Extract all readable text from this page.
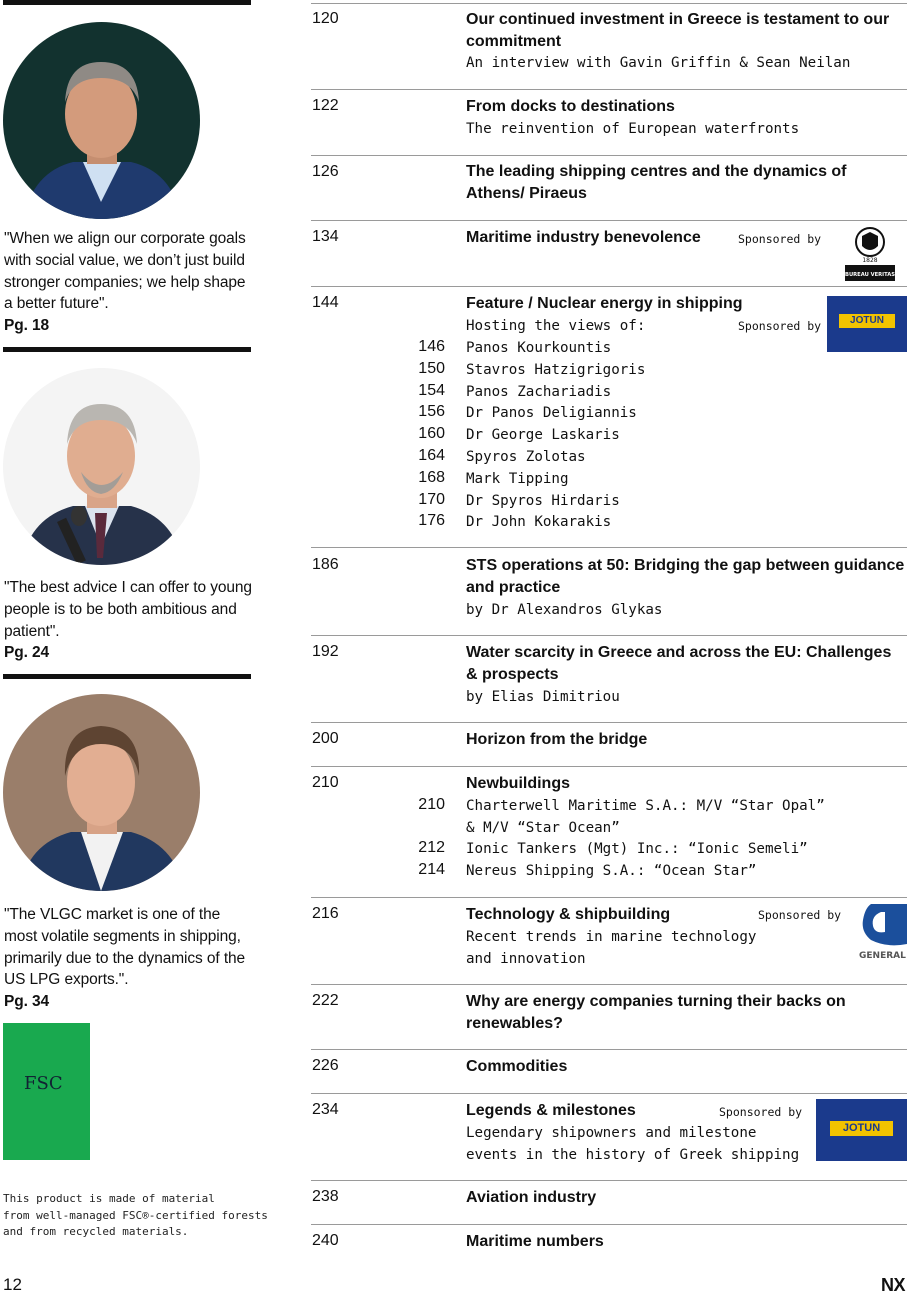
"When we align our corporate goals with social value, we don’t just build stronger companies; we help shape a better future".
Pg. 18
"The best advice I can offer to young people is to be both ambitious and patient".
Pg. 24
"The VLGC market is one of the most volatile segments in shipping, primarily due to the dynamics of the US LPG exports.".
Pg. 34
FSC
This product is made of material
from well-managed FSC®-certified forests
and from recycled materials.
12	NX
120	Our continued investment in Greece is testament to our commitment
An interview with Gavin Griffin & Sean Neilan
122	From docks to destinations
The reinvention of European waterfronts
126	The leading shipping centres and the dynamics of Athens/ Piraeus
134	Maritime industry benevolence	Sponsored by
1828
BUREAU VERITAS
144	Feature / Nuclear energy in shipping
Hosting the views of:	Sponsored by	JOTUN
146 Panos Kourkountis
150 Stavros Hatzigrigoris
154 Panos Zachariadis
156 Dr Panos Deligiannis
160 Dr George Laskaris
164 Spyros Zolotas
168 Mark Tipping
170 Dr Spyros Hirdaris
176 Dr John Kokarakis
186	STS operations at 50: Bridging the gap between guidance and practice
by Dr Alexandros Glykas
192	Water scarcity in Greece and across the EU: Challenges & prospects
by Elias Dimitriou
200	Horizon from the bridge
210	Newbuildings
210 Charterwell Maritime S.A.: M/V “Star Opal”
& M/V “Star Ocean”
212 Ionic Tankers (Mgt) Inc.: “Ionic Semeli”
214 Nereus Shipping S.A.: “Ocean Star”
216	Technology & shipbuilding
Recent trends in marine technology
and innovation
Sponsored by
GENERAL
222	Why are energy companies turning their backs on renewables?
226	Commodities
234	Legends & milestones
Legendary shipowners and milestone
events in the history of Greek shipping
Sponsored by
JOTUN
238	Aviation industry
240	Maritime numbers
